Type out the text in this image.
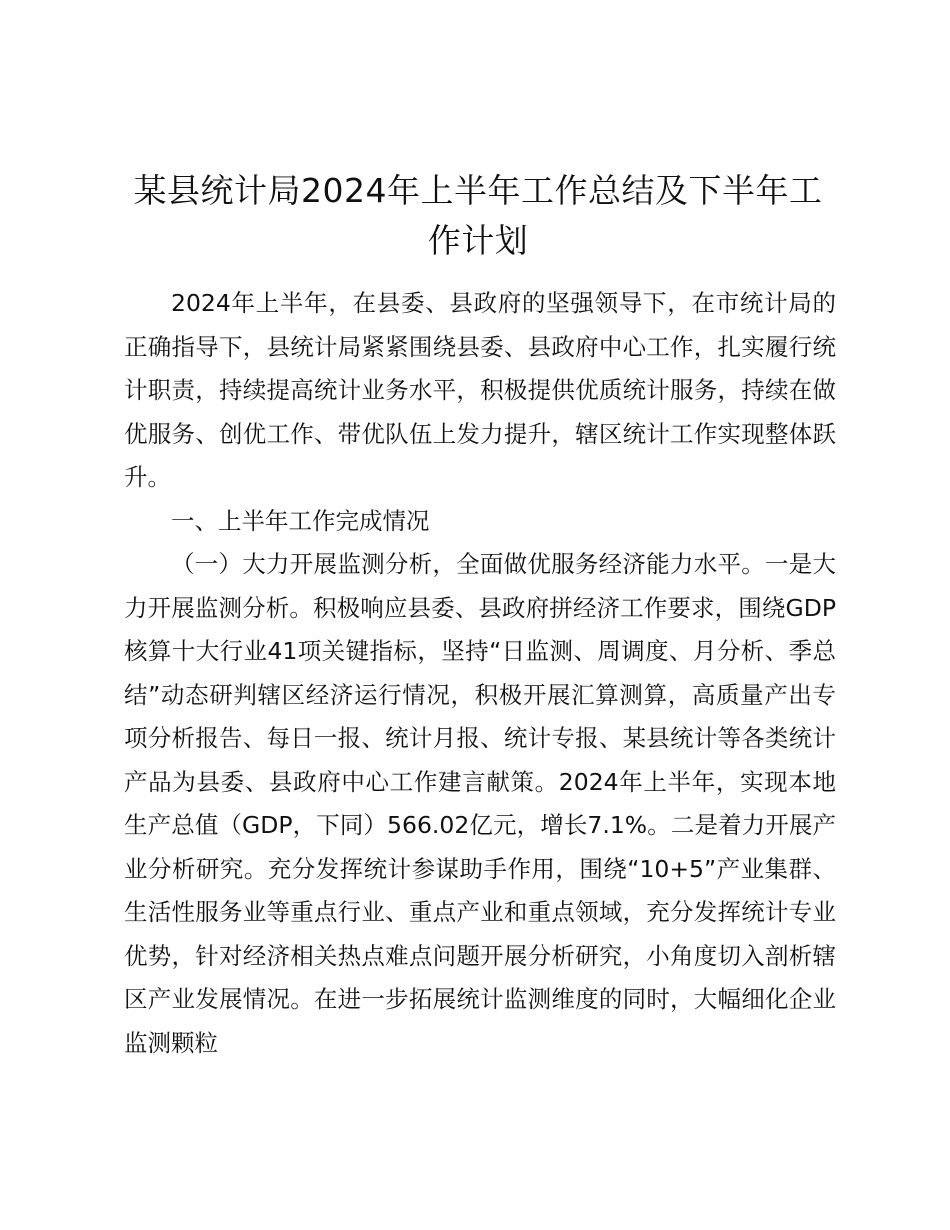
某县统计局2024年上半年工作总结及下半年工作计划

2024年上半年，在县委、县政府的坚强领导下，在市统计局的正确指导下，县统计局紧紧围绕县委、县政府中心工作，扎实履行统计职责，持续提高统计业务水平，积极提供优质统计服务，持续在做优服务、创优工作、带优队伍上发力提升，辖区统计工作实现整体跃升。

一、上半年工作完成情况

（一）大力开展监测分析，全面做优服务经济能力水平。一是大力开展监测分析。积极响应县委、县政府拼经济工作要求，围绕GDP核算十大行业41项关键指标，坚持“日监测、周调度、月分析、季总结”动态研判辖区经济运行情况，积极开展汇算测算，高质量产出专项分析报告、每日一报、统计月报、统计专报、某县统计等各类统计产品为县委、县政府中心工作建言献策。2024年上半年，实现本地生产总值（GDP，下同）566.02亿元，增长7.1%。二是着力开展产业分析研究。充分发挥统计参谋助手作用，围绕“10+5”产业集群、生活性服务业等重点行业、重点产业和重点领域，充分发挥统计专业优势，针对经济相关热点难点问题开展分析研究，小角度切入剖析辖区产业发展情况。在进一步拓展统计监测维度的同时，大幅细化企业监测颗粒
